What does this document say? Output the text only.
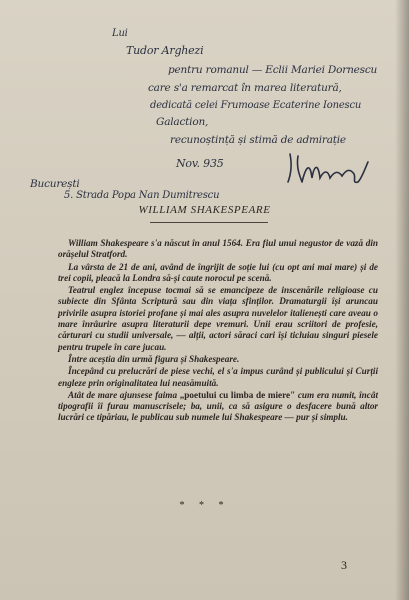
Lui
Tudor Arghezi
pentru romanul — Eclii Mariei Dornescu
care s'a remarcat în marea literatură,
dedicată celei Frumoase Ecaterine Ionescu
Galaction,
recunoștință și stimă de admirație
Nov. 935
București
5. Strada Popa Nan Dumitrescu
WILLIAM SHAKESPEARE

William Shakespeare s'a născut în anul 1564. Era fiul unui negustor de vază din orășelul Stratford.

La vârsta de 21 de ani, având de îngrijit de soție lui (cu opt ani mai mare) și de trei copii, pleacă la Londra să-și caute norocul pe scenă.

Teatrul englez începuse tocmai să se emancipeze de inscenările religioase cu subiecte din Sfânta Scriptură sau din viața sfinților. Dramaturgii își aruncau privirile asupra istoriei profane și mai ales asupra nuvelelor italienești care aveau o mare înrâurire asupra literaturii depe vremuri. Unii erau scriitori de profesie, cărturari cu studii universale, — alții, actori săraci cari își ticluiau singuri piesele pentru trupele în care jucau.

Între aceștia din urmă figura și Shakespeare.

Începând cu prelucrări de piese vechi, el s'a impus curând și publicului și Curții engleze prin originalitatea lui neasămuită.

Atât de mare ajunsese faima „poetului cu limba de miere" cum era numit, încât tipografii îi furau manuscrisele; ba, unii, ca să asigure o desfacere bună altor lucrări ce tipăriau, le publicau sub numele lui Shakespeare — pur și simplu.

* * *
3
